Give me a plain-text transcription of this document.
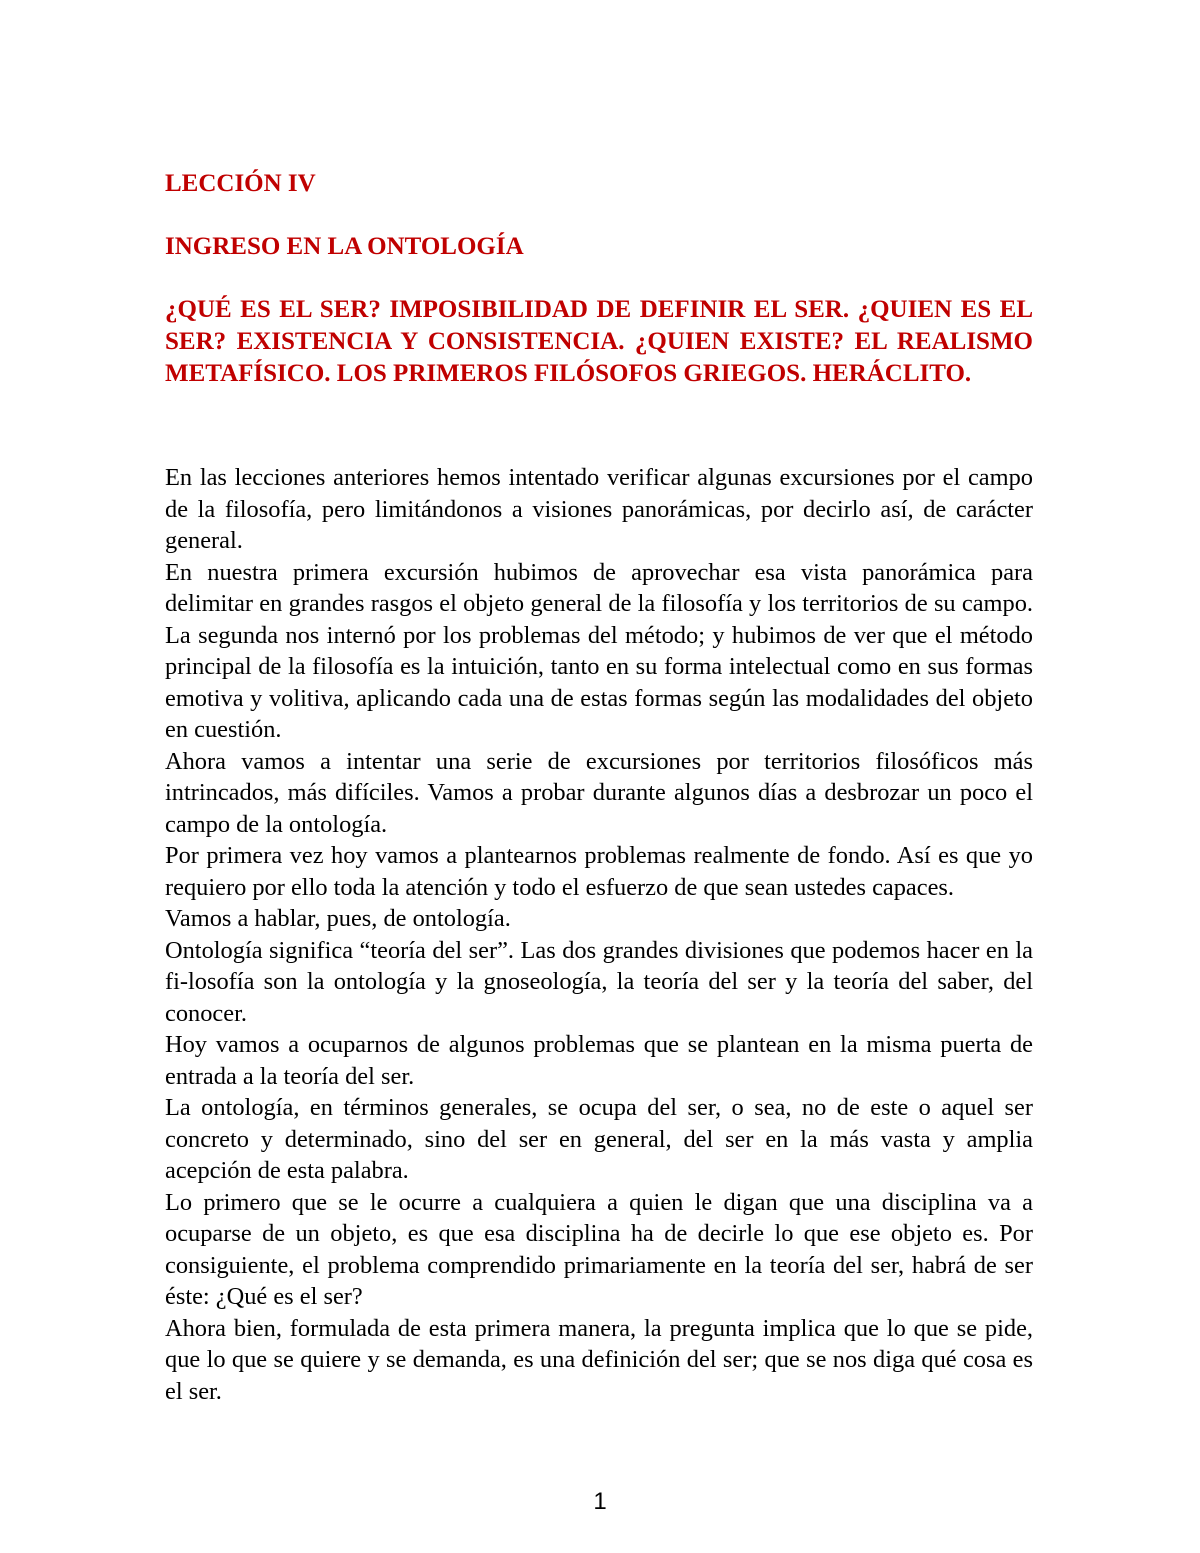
LECCIÓN IV
INGRESO EN LA ONTOLOGÍA
¿QUÉ ES EL SER? IMPOSIBILIDAD DE DEFINIR EL SER. ¿QUIEN ES EL SER? EXISTENCIA Y CONSISTENCIA. ¿QUIEN EXISTE? EL REALISMO METAFÍSICO. LOS PRIMEROS FILÓSOFOS GRIEGOS. HERÁCLITO.

En las lecciones anteriores hemos intentado verificar algunas excursiones por el campo de la filosofía, pero limitándonos a visiones panorámicas, por decirlo así, de carácter general.

En nuestra primera excursión hubimos de aprovechar esa vista panorámica para delimitar en grandes rasgos el objeto general de la filosofía y los territorios de su campo. La segunda nos internó por los problemas del método; y hubimos de ver que el método principal de la filosofía es la intuición, tanto en su forma intelectual como en sus formas emotiva y volitiva, aplicando cada una de estas formas según las modalidades del objeto en cuestión.

Ahora vamos a intentar una serie de excursiones por territorios filosóficos más intrincados, más difíciles. Vamos a probar durante algunos días a desbrozar un poco el campo de la ontología.

Por primera vez hoy vamos a plantearnos problemas realmente de fondo. Así es que yo requiero por ello toda la atención y todo el esfuerzo de que sean ustedes capaces.

Vamos a hablar, pues, de ontología.

Ontología significa “teoría del ser”. Las dos grandes divisiones que podemos hacer en la fi-losofía son la ontología y la gnoseología, la teoría del ser y la teoría del saber, del conocer.

Hoy vamos a ocuparnos de algunos problemas que se plantean en la misma puerta de entrada a la teoría del ser.

La ontología, en términos generales, se ocupa del ser, o sea, no de este o aquel ser concreto y determinado, sino del ser en general, del ser en la más vasta y amplia acepción de esta palabra.

Lo primero que se le ocurre a cualquiera a quien le digan que una disciplina va a ocuparse de un objeto, es que esa disciplina ha de decirle lo que ese objeto es. Por consiguiente, el problema comprendido primariamente en la teoría del ser, habrá de ser éste: ¿Qué es el ser?

Ahora bien, formulada de esta primera manera, la pregunta implica que lo que se pide, que lo que se quiere y se demanda, es una definición del ser; que se nos diga qué cosa es el ser.

1
